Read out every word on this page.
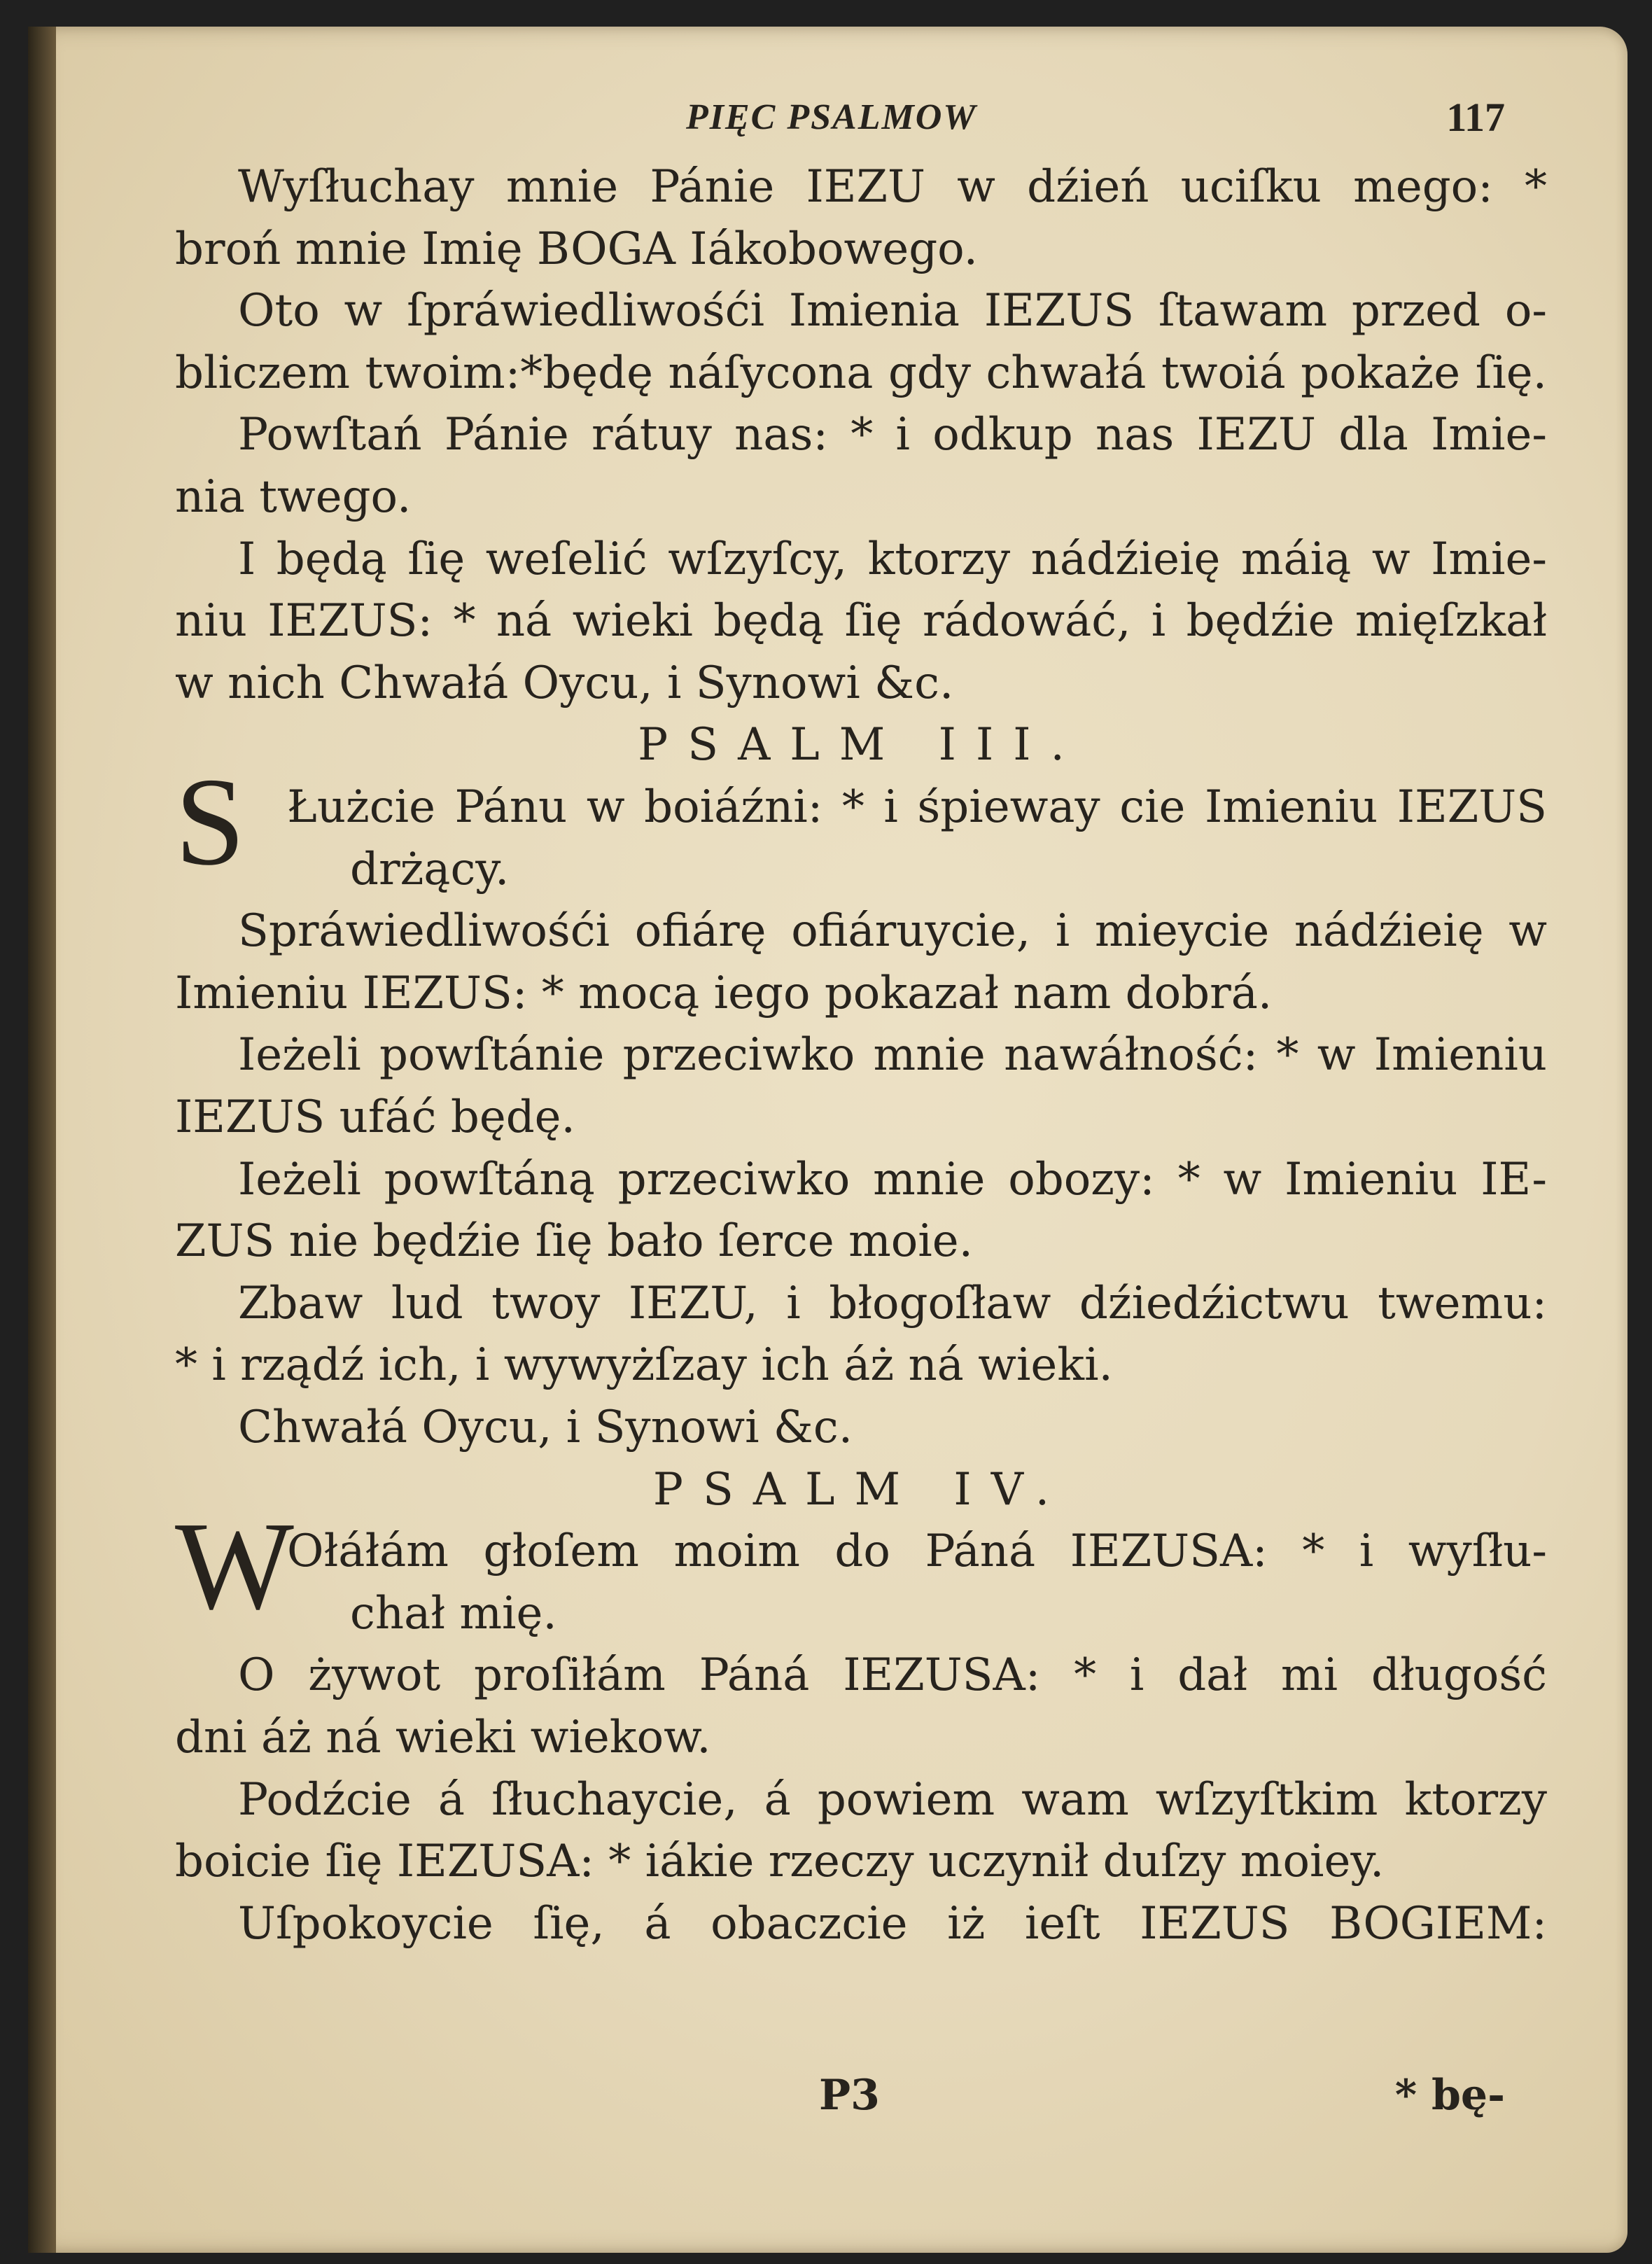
PIĘC PSALMOW	117
Wyſłuchay mnie Pánie IEZU w dźień uciſku mego: *
broń mnie Imię BOGA Iákobowego.
Oto w ſpráwiedliwośći Imienia IEZUS ſtawam przed o-
bliczem twoim:*będę náſycona gdy chwałá twoiá pokaże ſię.
Powſtań Pánie rátuy nas: * i odkup nas IEZU dla Imie-
nia twego.
I będą ſię weſelić wſzyſcy, ktorzy nádźieię máią w Imie-
niu IEZUS: * ná wieki będą ſię rádowáć, i będźie mięſzkał
w nich Chwałá Oycu, i Synowi &c.
PSALM III.
Łużcie Pánu w boiáźni: * i śpieway cie Imieniu IEZUS
drżący.
Spráwiedliwośći ofiárę ofiáruycie, i mieycie nádźieię w
Imieniu IEZUS: * mocą iego pokazał nam dobrá.
Ieżeli powſtánie przeciwko mnie nawáłność: * w Imieniu
IEZUS ufáć będę.
Ieżeli powſtáną przeciwko mnie obozy: * w Imieniu IE-
ZUS nie będźie ſię bało ſerce moie.
Zbaw lud twoy IEZU, i błogoſław dźiedźictwu twemu:
* i rządź ich, i wywyżſzay ich áż ná wieki.
Chwałá Oycu, i Synowi &c.
PSALM IV.
Ołáłám głoſem moim do Páná IEZUSA: * i wyſłu-
chał mię.
O żywot proſiłám Páná IEZUSA: * i dał mi długość
dni áż ná wieki wiekow.
Podźcie á ſłuchaycie, á powiem wam wſzyſtkim ktorzy
boicie ſię IEZUSA: * iákie rzeczy uczynił duſzy moiey.
Uſpokoycie ſię, á obaczcie iż ieſt IEZUS BOGIEM:
S
W
P3	* bę-
